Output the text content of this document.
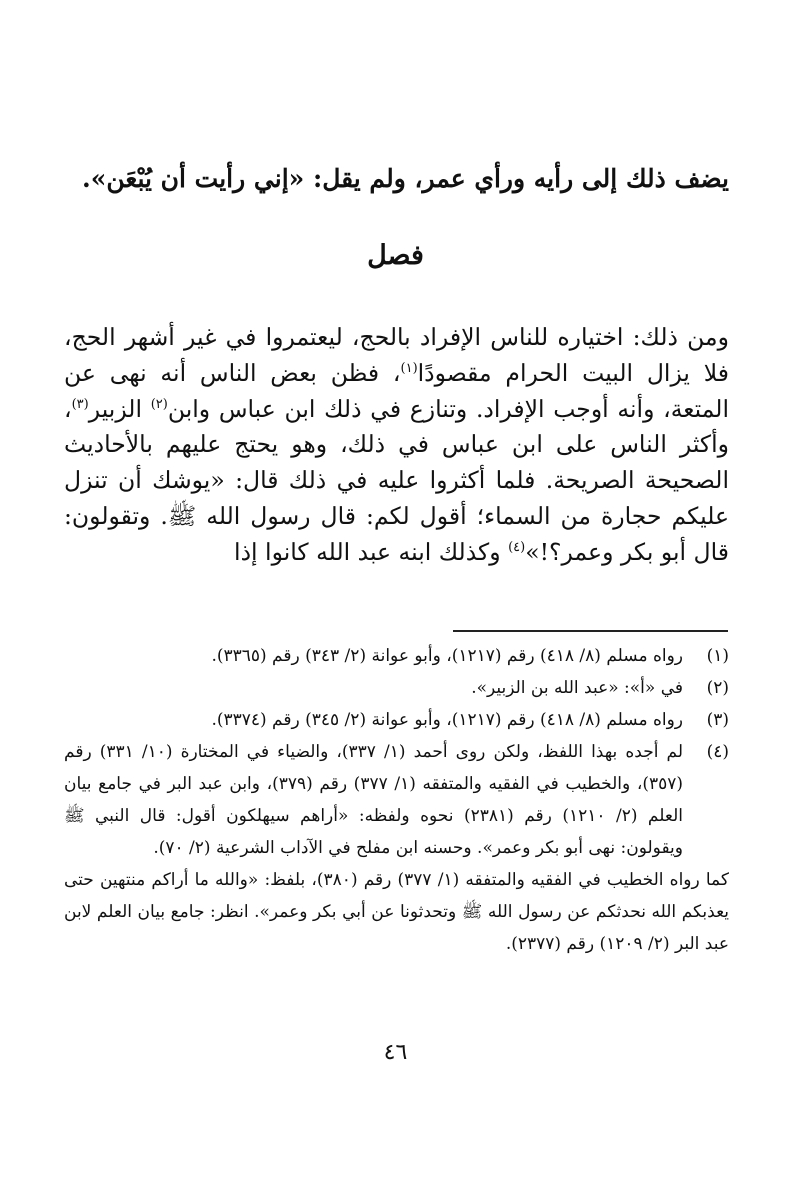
يضف ذلك إلى رأيه ورأي عمر، ولم يقل: «إني رأيت أن يُبْعَن».
فصل
ومن ذلك: اختياره للناس الإفراد بالحج، ليعتمروا في غير أشهر الحج، فلا يزال البيت الحرام مقصودًا$^{(١)}$، فظن بعض الناس أنه نهى عن المتعة، وأنه أوجب الإفراد. وتنازع في ذلك ابن عباس وابن$^{(٢)}$ الزبير$^{(٣)}$، وأكثر الناس على ابن عباس في ذلك، وهو يحتج عليهم بالأحاديث الصحيحة الصريحة. فلما أكثروا عليه في ذلك قال: «يوشك أن تنزل عليكم حجارة من السماء؛ أقول لكم: قال رسول الله ﷺ. وتقولون: قال أبو بكر وعمر؟!»$^{(٤)}$ وكذلك ابنه عبد الله كانوا إذا
(١)
رواه مسلم (٨/ ٤١٨) رقم (١٢١٧)، وأبو عوانة (٢/ ٣٤٣) رقم (٣٣٦٥).
(٢)
في «أ»: «عبد الله بن الزبير».
(٣)
رواه مسلم (٨/ ٤١٨) رقم (١٢١٧)، وأبو عوانة (٢/ ٣٤٥) رقم (٣٣٧٤).
(٤)
لم أجده بهذا اللفظ، ولكن روى أحمد (١/ ٣٣٧)، والضياء في المختارة (١٠/ ٣٣١) رقم (٣٥٧)، والخطيب في الفقيه والمتفقه (١/ ٣٧٧) رقم (٣٧٩)، وابن عبد البر في جامع بيان العلم (٢/ ١٢١٠) رقم (٢٣٨١) نحوه ولفظه: «أراهم سيهلكون أقول: قال النبي ﷺ ويقولون: نهى أبو بكر وعمر». وحسنه ابن مفلح في الآداب الشرعية (٢/ ٧٠).
كما رواه الخطيب في الفقيه والمتفقه (١/ ٣٧٧) رقم (٣٨٠)، بلفظ: «والله ما أراكم منتهين حتى يعذبكم الله نحدثكم عن رسول الله ﷺ وتحدثونا عن أبي بكر وعمر». انظر: جامع بيان العلم لابن عبد البر (٢/ ١٢٠٩) رقم (٢٣٧٧).
٤٦
